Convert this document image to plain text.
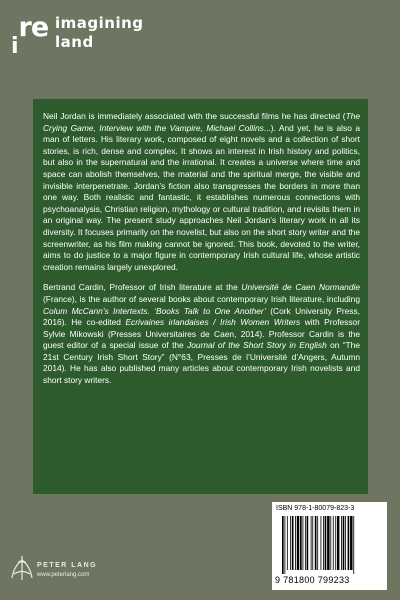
re
i
imagining
land

Neil Jordan is immediately associated with the successful films he has directed (The Crying Game, Interview with the Vampire, Michael Collins...). And yet, he is also a man of letters. His literary work, composed of eight novels and a collection of short stories, is rich, dense and complex. It shows an interest in Irish history and politics, but also in the supernatural and the irrational. It creates a universe where time and space can abolish themselves, the material and the spiritual merge, the visible and invisible interpenetrate. Jordan’s fiction also transgresses the borders in more than one way. Both realistic and fantastic, it establishes numerous connections with psychoanalysis, Christian religion, mythology or cultural tradition, and revisits them in an original way. The present study approaches Neil Jordan’s literary work in all its diversity. It focuses primarily on the novelist, but also on the short story writer and the screenwriter, as his film making cannot be ignored. This book, devoted to the writer, aims to do justice to a major figure in contemporary Irish cultural life, whose artistic creation remains largely unexplored.

Bertrand Cardin, Professor of Irish literature at the Université de Caen Normandie (France), is the author of several books about contemporary Irish literature, including Colum McCann’s Intertexts. ‘Books Talk to One Another’ (Cork University Press, 2016). He co-edited Ecrivaines irlandaises / Irish Women Writers with Professor Sylvie Mikowski (Presses Universitaires de Caen, 2014). Professor Cardin is the guest editor of a special issue of the Journal of the Short Story in English on “The 21st Century Irish Short Story” (N°63, Presses de l’Université d’Angers, Autumn 2014). He has also published many articles about contemporary Irish novelists and short story writers.

PETER LANG
www.peterlang.com
ISBN 978-1-80079-823-3
9 781800 799233
